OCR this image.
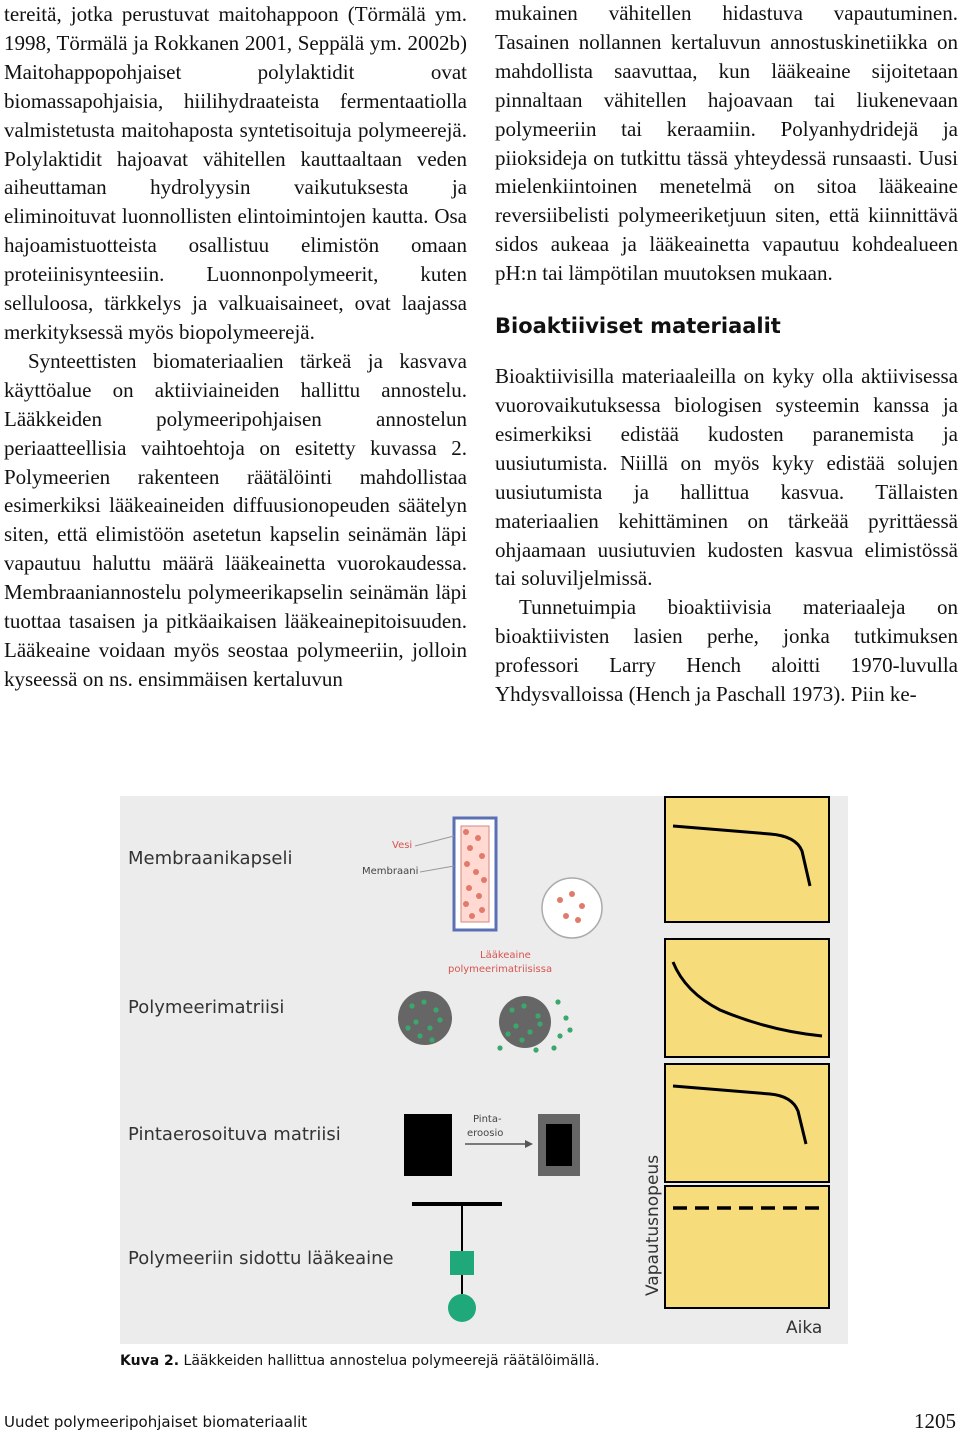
tereitä, jotka perustuvat maitohappoon (Törmälä ym. 1998, Törmälä ja Rokkanen 2001, Seppälä ym. 2002b) Maitohappopohjaiset polylaktidit ovat biomassapohjaisia, hiilihydraateista fermentaatiolla valmistetusta maitohaposta syntetisoituja polymeerejä. Polylaktidit hajoavat vähitellen kauttaaltaan veden aiheuttaman hydrolyysin vaikutuksesta ja eliminoituvat luonnollisten elintoimintojen kautta. Osa hajoamistuotteista osallistuu elimistön omaan proteiinisynteesiin. Luonnonpolymeerit, kuten selluloosa, tärkkelys ja valkuaisaineet, ovat laajassa merkityksessä myös biopolymeerejä.

Synteettisten biomateriaalien tärkeä ja kasvava käyttöalue on aktiiviaineiden hallittu annostelu. Lääkkeiden polymeeripohjaisen annostelun periaatteellisia vaihtoehtoja on esitetty kuvassa 2. Polymeerien rakenteen räätälöinti mahdollistaa esimerkiksi lääkeaineiden diffuusionopeuden säätelyn siten, että elimistöön asetetun kapselin seinämän läpi vapautuu haluttu määrä lääkeainetta vuorokaudessa. Membraaniannostelu polymeerikapselin seinämän läpi tuottaa tasaisen ja pitkäaikaisen lääkeainepitoisuuden. Lääkeaine voidaan myös seostaa polymeeriin, jolloin kyseessä on ns. ensimmäisen kertaluvun

mukainen vähitellen hidastuva vapautuminen. Tasainen nollannen kertaluvun annostuskinetiikka on mahdollista saavuttaa, kun lääkeaine sijoitetaan pinnaltaan vähitellen hajoavaan tai liukenevaan polymeeriin tai keraamiin. Polyanhydridejä ja piioksideja on tutkittu tässä yhteydessä runsaasti. Uusi mielenkiintoinen menetelmä on sitoa lääkeaine reversiibelisti polymeeriketjuun siten, että kiinnittävä sidos aukeaa ja lääkeainetta vapautuu kohdealueen pH:n tai lämpötilan muutoksen mukaan.

Bioaktiiviset materiaalit

Bioaktiivisilla materiaaleilla on kyky olla aktiivisessa vuorovaikutuksessa biologisen systeemin kanssa ja esimerkiksi edistää kudosten paranemista ja uusiutumista. Niillä on myös kyky edistää solujen uusiutumista ja hallittua kasvua. Tällaisten materiaalien kehittäminen on tärkeää pyrittäessä ohjaamaan uusiutuvien kudosten kasvua elimistössä tai soluviljelmissä.

Tunnetuimpia bioaktiivisia materiaaleja on bioaktiivisten lasien perhe, jonka tutkimuksen professori Larry Hench aloitti 1970-luvulla Yhdysvalloissa (Hench ja Paschall 1973). Piin ke-

Membraanikapseli
Polymeerimatriisi
Pintaerosoituva matriisi
Polymeeriin sidottu lääkeaine
Vesi
Membraani
Lääkeaine
polymeerimatriisissa
Pinta-
eroosio
Vapautusnopeus
Aika
Kuva 2. Lääkkeiden hallittua annostelua polymeerejä räätälöimällä.
Uudet polymeeripohjaiset biomateriaalit	1205
